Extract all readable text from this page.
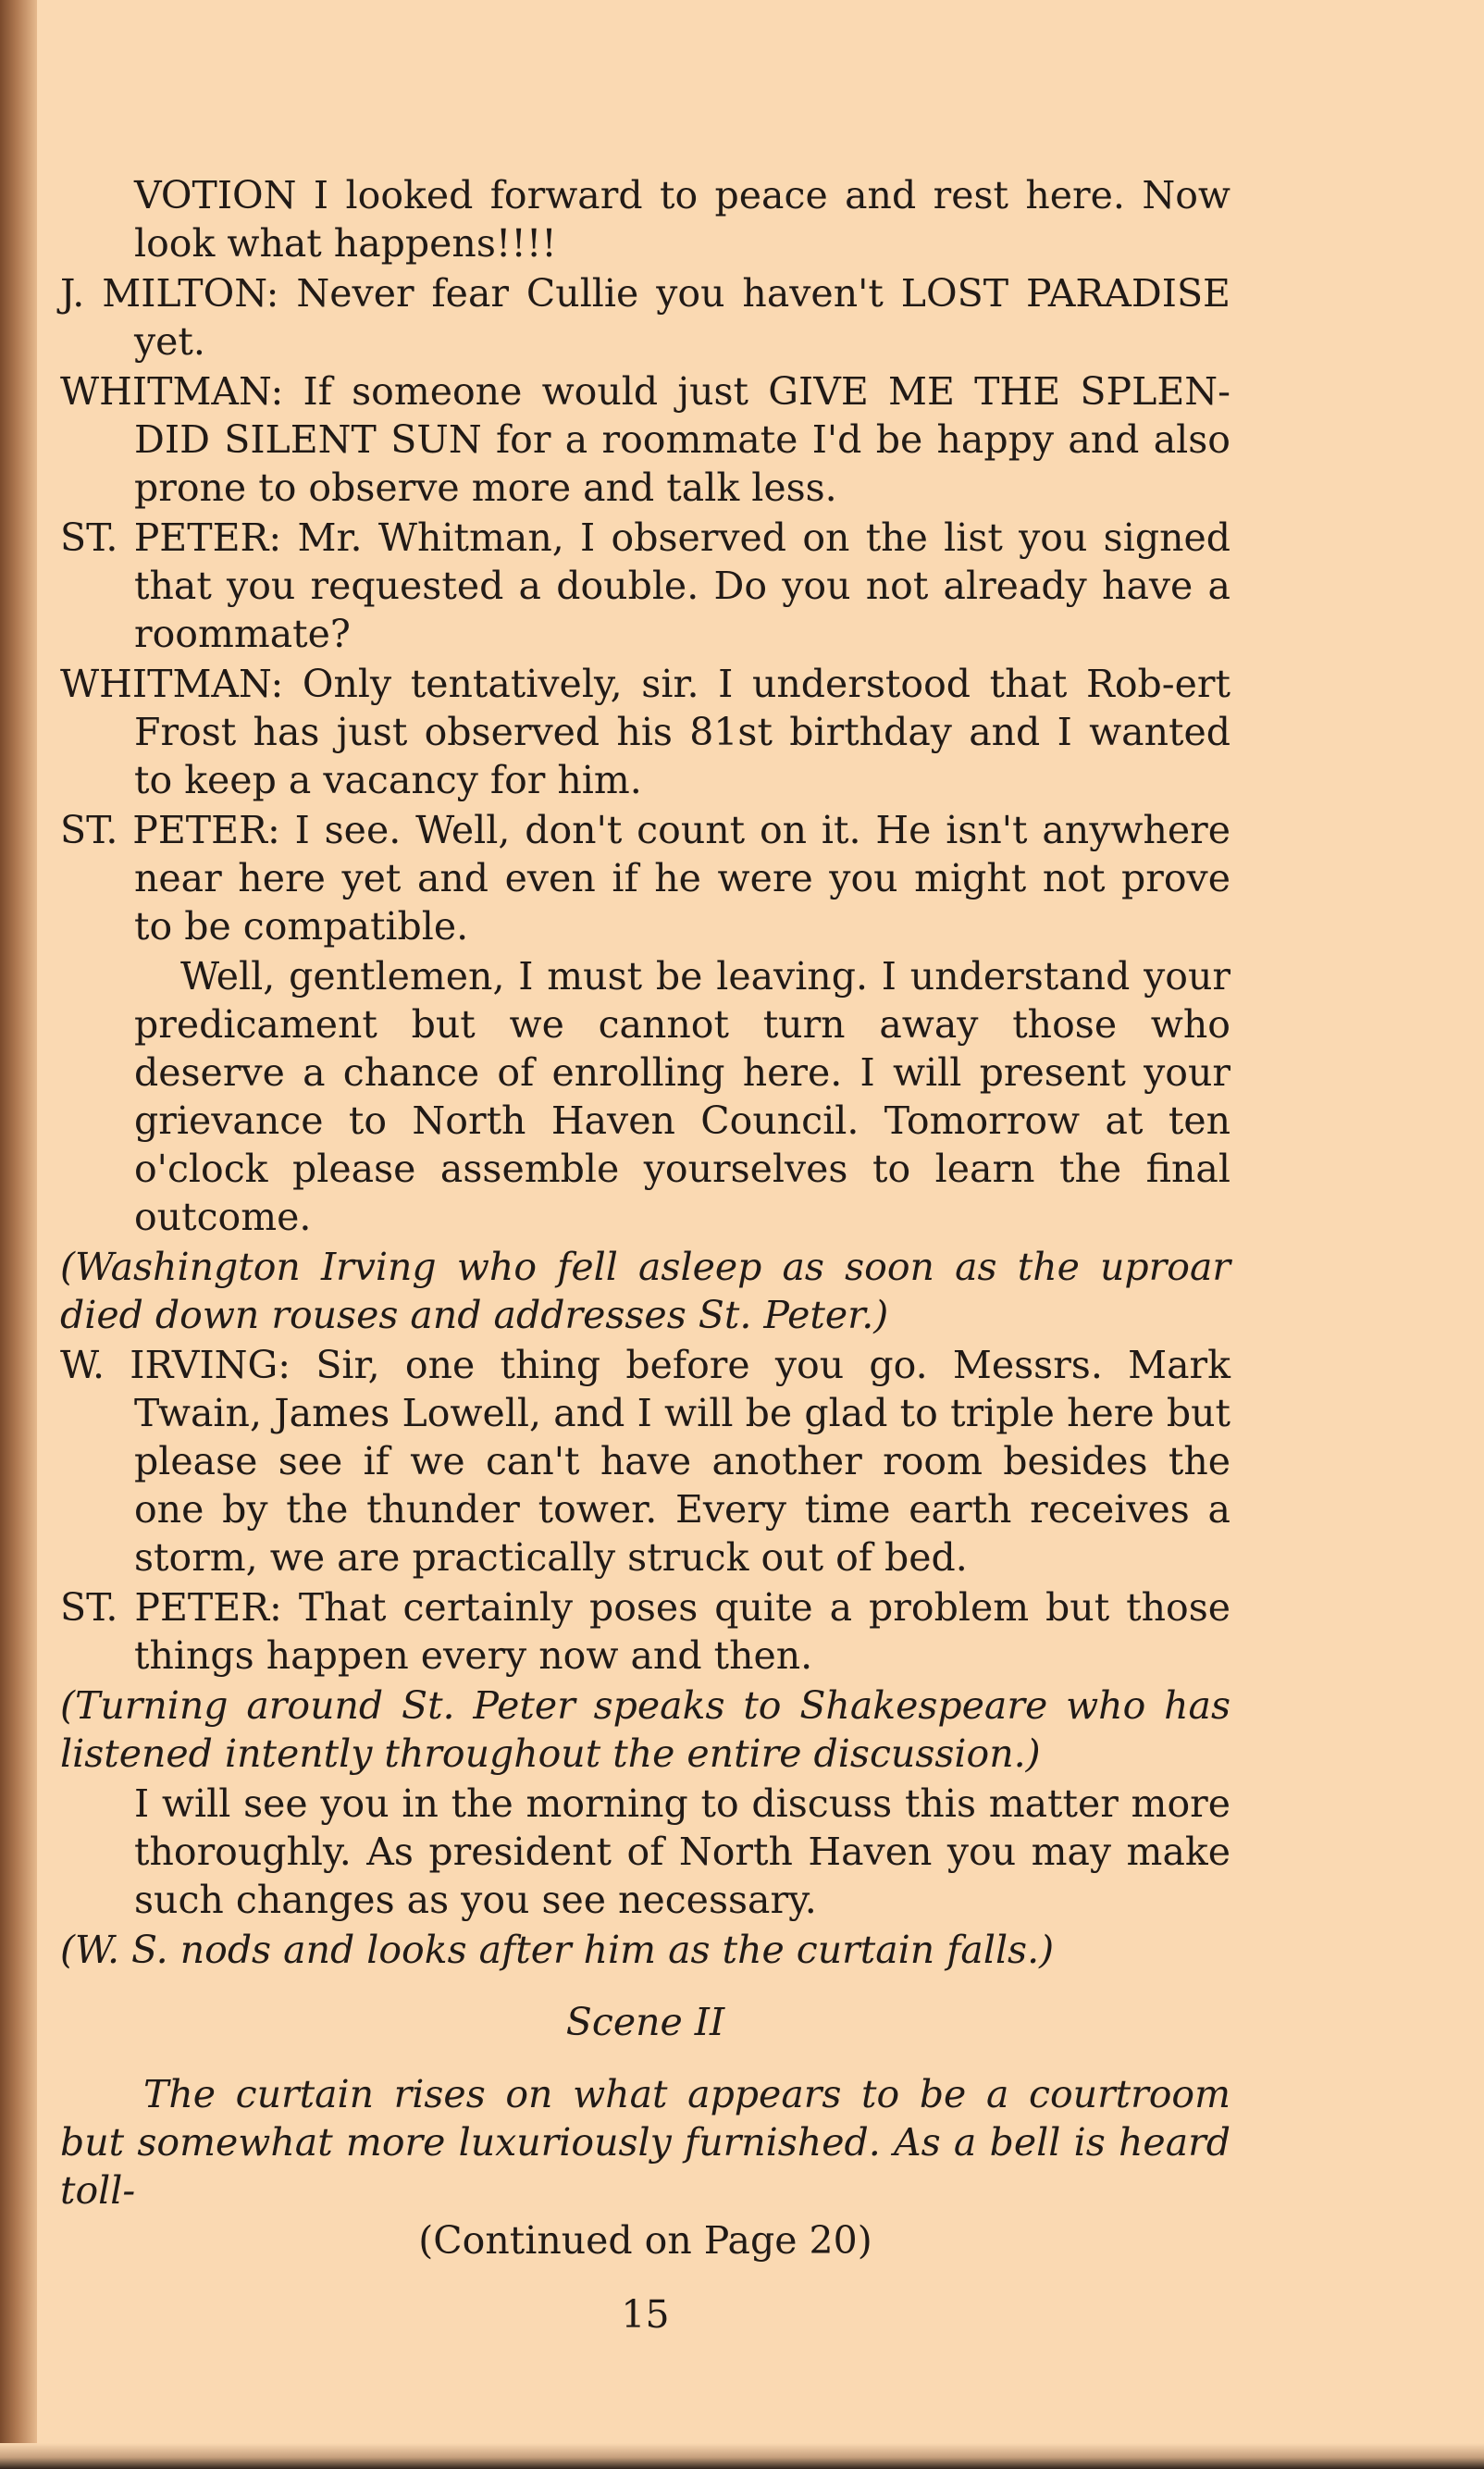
VOTION I looked forward to peace and rest here. Now look what happens!!!!

J. MILTON: Never fear Cullie you haven't LOST PARADISE yet.

WHITMAN: If someone would just GIVE ME THE SPLEN-DID SILENT SUN for a roommate I'd be happy and also prone to observe more and talk less.

ST. PETER: Mr. Whitman, I observed on the list you signed that you requested a double. Do you not already have a roommate?

WHITMAN: Only tentatively, sir. I understood that Rob-ert Frost has just observed his 81st birthday and I wanted to keep a vacancy for him.

ST. PETER: I see. Well, don't count on it. He isn't anywhere near here yet and even if he were you might not prove to be compatible.

Well, gentlemen, I must be leaving. I understand your predicament but we cannot turn away those who deserve a chance of enrolling here. I will present your grievance to North Haven Council. Tomorrow at ten o'clock please assemble yourselves to learn the final outcome.

(Washington Irving who fell asleep as soon as the uproar died down rouses and addresses St. Peter.)

W. IRVING: Sir, one thing before you go. Messrs. Mark Twain, James Lowell, and I will be glad to triple here but please see if we can't have another room besides the one by the thunder tower. Every time earth receives a storm, we are practically struck out of bed.

ST. PETER: That certainly poses quite a problem but those things happen every now and then.

(Turning around St. Peter speaks to Shakespeare who has listened intently throughout the entire discussion.)

I will see you in the morning to discuss this matter more thoroughly. As president of North Haven you may make such changes as you see necessary.

(W. S. nods and looks after him as the curtain falls.)

Scene II

The curtain rises on what appears to be a courtroom but somewhat more luxuriously furnished. As a bell is heard toll-

(Continued on Page 20)

15
